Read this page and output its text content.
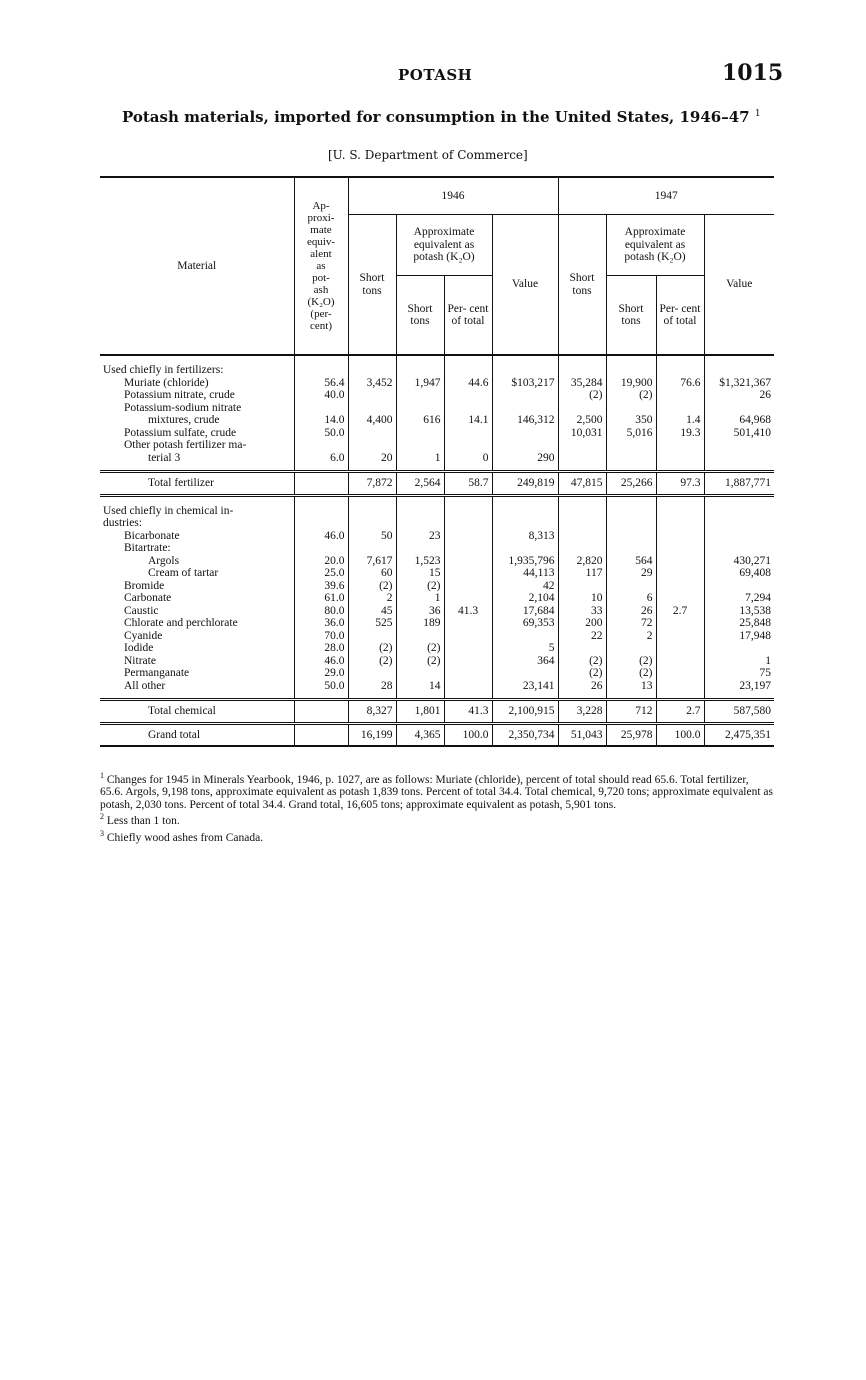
POTASH	1015
Potash materials, imported for consumption in the United States, 1946–47 $^1$
[U. S. Department of Commerce]
Material	Ap- proxi- mate equiv- alent as pot- ash (K₂O) (per- cent)	1946				1947			
		Short tons	Approximate equivalent as potash (K₂O)		Value	Short tons	Approximate equivalent as potash (K₂O)		Value
			Short tons	Per- cent of total			Short tons	Per- cent of total	
Used chiefly in fertilizers:									
Muriate (chloride)	56.4	3,452	1,947	44.6	$103,217	35,284	19,900	76.6	$1,321,367
Potassium nitrate, crude	40.0					(2)	(2)		26
Potassium-sodium nitrate									
mixtures, crude	14.0	4,400	616	14.1	146,312	2,500	350	1.4	64,968
Potassium sulfate, crude	50.0					10,031	5,016	19.3	501,410
Other potash fertilizer ma-									
terial 3	6.0	20	1	0	290				

Total fertilizer		7,872	2,564	58.7	249,819	47,815	25,266	97.3	1,887,771
Used chiefly in chemical in-									
dustries:									
Bicarbonate	46.0	50	23	41.3	8,313			2.7	
Bitartrate:									
Argols	20.0	7,617	1,523		1,935,796	2,820	564		430,271
Cream of tartar	25.0	60	15		44,113	117	29		69,408
Bromide	39.6	(2)	(2)		42				
Carbonate	61.0	2	1		2,104	10	6		7,294
Caustic	80.0	45	36		17,684	33	26		13,538
Chlorate and perchlorate	36.0	525	189		69,353	200	72		25,848
Cyanide	70.0					22	2		17,948
Iodide	28.0	(2)	(2)		5				
Nitrate	46.0	(2)	(2)		364	(2)	(2)		1
Permanganate	29.0					(2)	(2)		75
All other	50.0	28	14		23,141	26	13		23,197

Total chemical		8,327	1,801	41.3	2,100,915	3,228	712	2.7	587,580
Grand total		16,199	4,365	100.0	2,350,734	51,043	25,978	100.0	2,475,351

$^1$ Changes for 1945 in Minerals Yearbook, 1946, p. 1027, are as follows: Muriate (chloride), percent of total should read 65.6. Total fertilizer, 65.6. Argols, 9,198 tons, approximate equivalent as potash 1,839 tons. Percent of total 34.4. Total chemical, 9,720 tons; approximate equivalent as potash, 2,030 tons. Percent of total 34.4. Grand total, 16,605 tons; approximate equivalent as potash, 5,901 tons.

$^2$ Less than 1 ton.

$^3$ Chiefly wood ashes from Canada.
